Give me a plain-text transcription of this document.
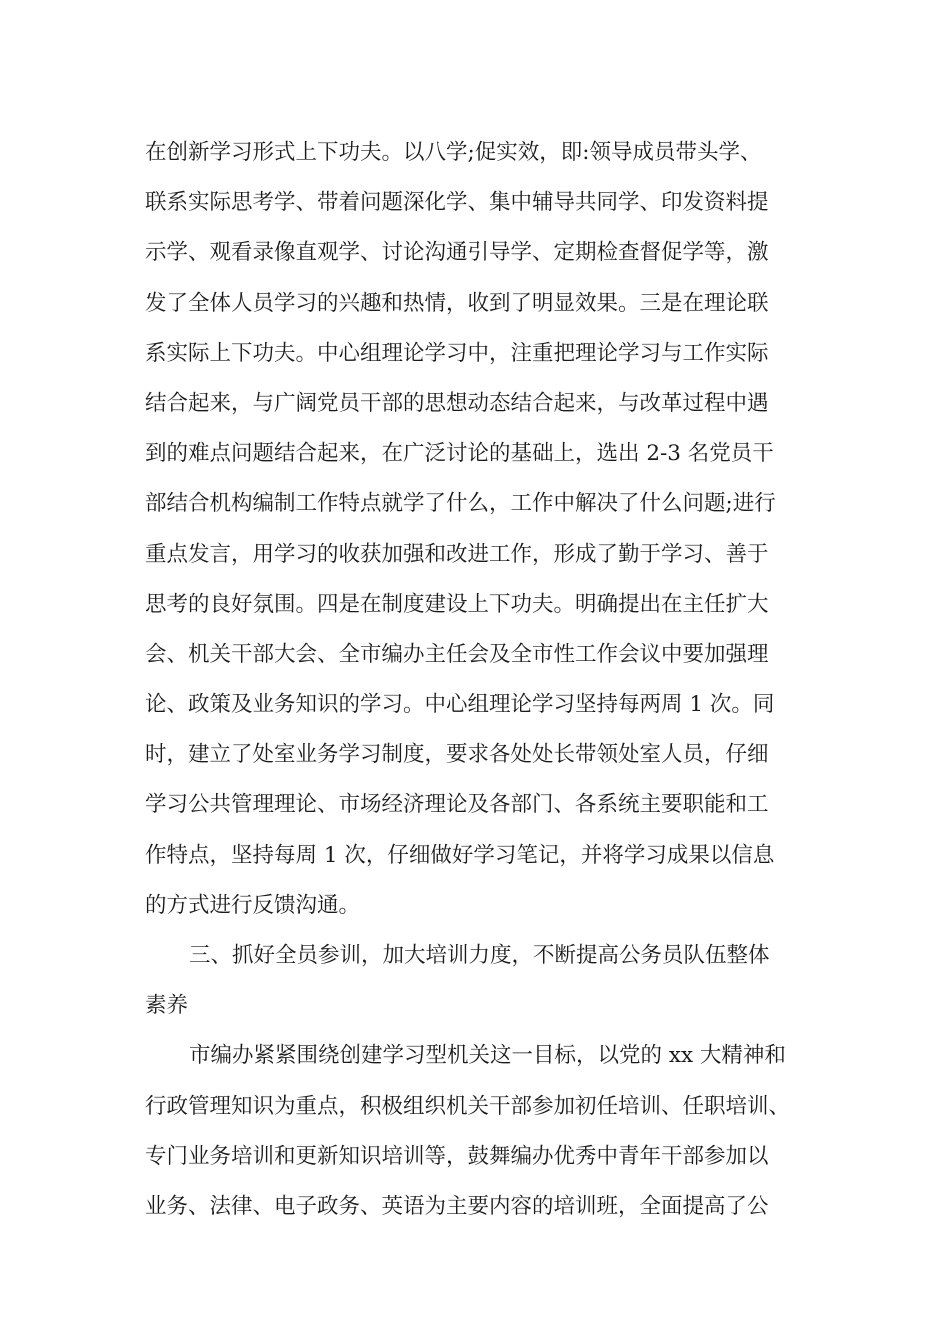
在创新学习形式上下功夫。以八学;促实效，即:领导成员带头学、
联系实际思考学、带着问题深化学、集中辅导共同学、印发资料提
示学、观看录像直观学、讨论沟通引导学、定期检查督促学等，激
发了全体人员学习的兴趣和热情，收到了明显效果。三是在理论联
系实际上下功夫。中心组理论学习中，注重把理论学习与工作实际
结合起来，与广阔党员干部的思想动态结合起来，与改革过程中遇
到的难点问题结合起来，在广泛讨论的基础上，选出 2-3 名党员干
部结合机构编制工作特点就学了什么，工作中解决了什么问题;进行
重点发言，用学习的收获加强和改进工作，形成了勤于学习、善于
思考的良好氛围。四是在制度建设上下功夫。明确提出在主任扩大
会、机关干部大会、全市编办主任会及全市性工作会议中要加强理
论、政策及业务知识的学习。中心组理论学习坚持每两周 1 次。同
时，建立了处室业务学习制度，要求各处处长带领处室人员，仔细
学习公共管理理论、市场经济理论及各部门、各系统主要职能和工
作特点，坚持每周 1 次，仔细做好学习笔记，并将学习成果以信息
的方式进行反馈沟通。
三、抓好全员参训，加大培训力度，不断提高公务员队伍整体
素养
市编办紧紧围绕创建学习型机关这一目标，以党的 xx 大精神和
行政管理知识为重点，积极组织机关干部参加初任培训、任职培训、
专门业务培训和更新知识培训等，鼓舞编办优秀中青年干部参加以
业务、法律、电子政务、英语为主要内容的培训班，全面提高了公
